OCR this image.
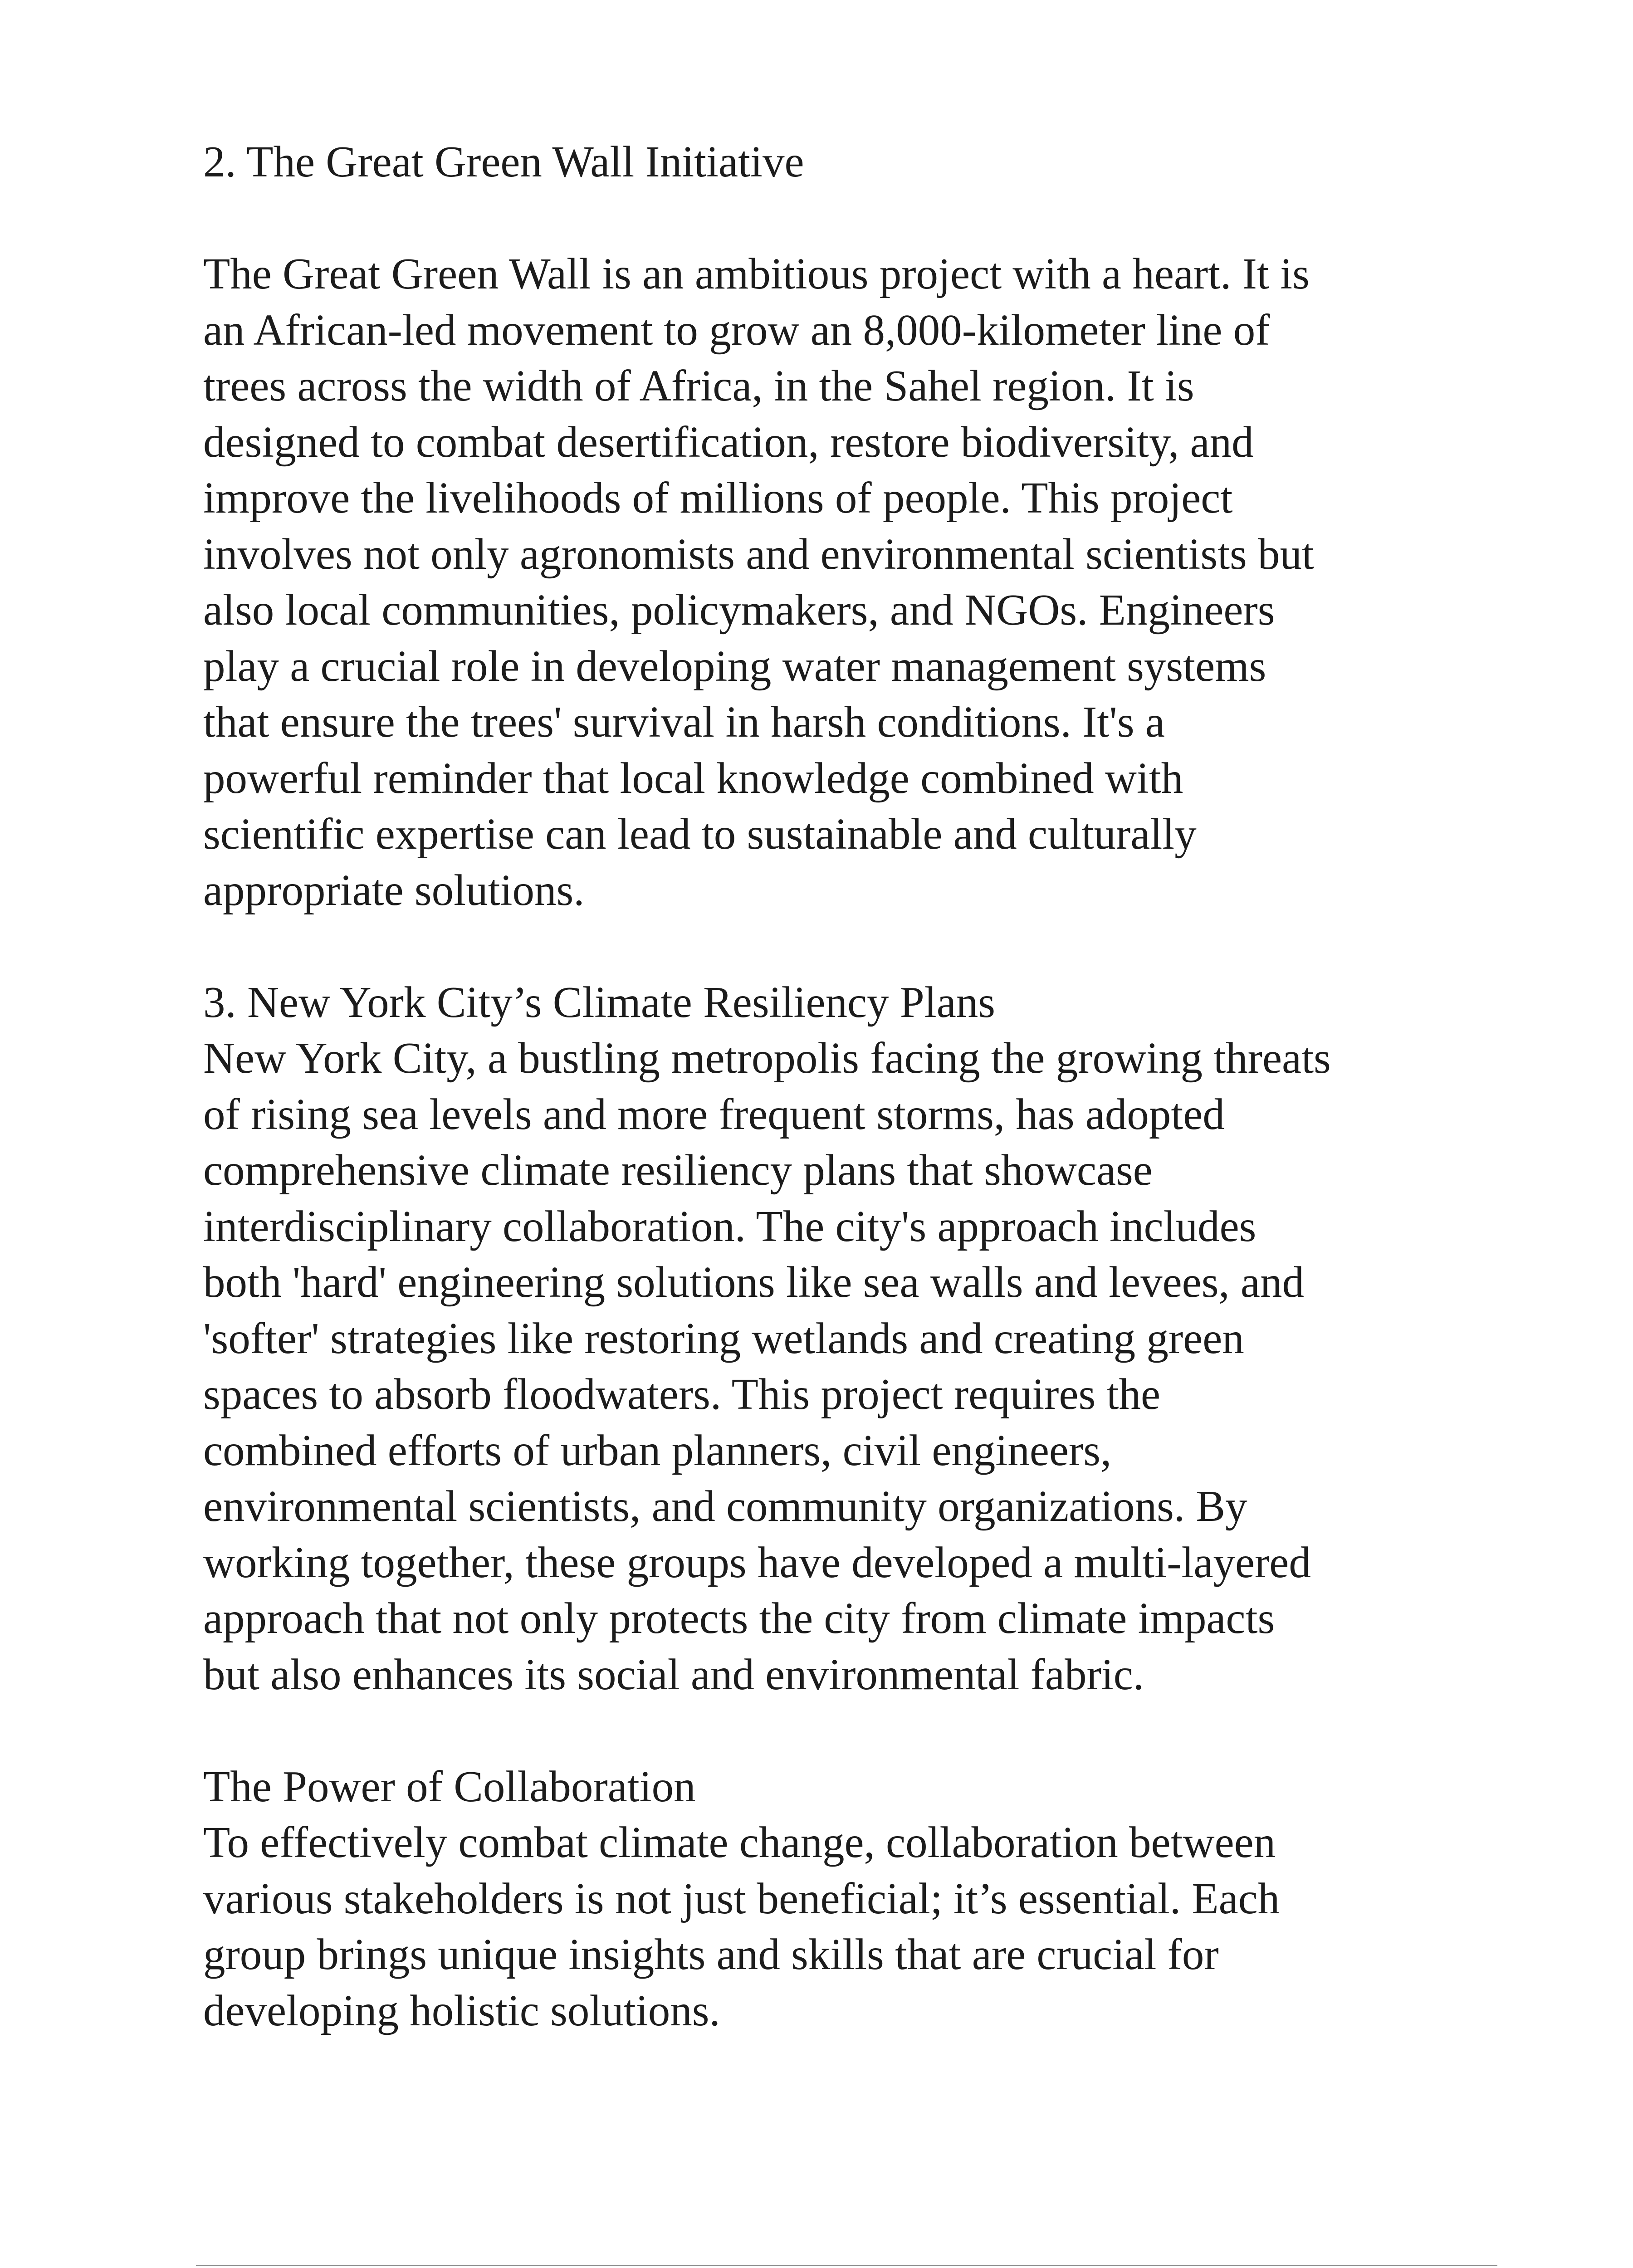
2. The Great Green Wall Initiative
The Great Green Wall is an ambitious project with a heart. It is
an African-led movement to grow an 8,000-kilometer line of
trees across the width of Africa, in the Sahel region. It is
designed to combat desertification, restore biodiversity, and
improve the livelihoods of millions of people. This project
involves not only agronomists and environmental scientists but
also local communities, policymakers, and NGOs. Engineers
play a crucial role in developing water management systems
that ensure the trees' survival in harsh conditions. It's a
powerful reminder that local knowledge combined with
scientific expertise can lead to sustainable and culturally
appropriate solutions.
3. New York City’s Climate Resiliency Plans
New York City, a bustling metropolis facing the growing threats
of rising sea levels and more frequent storms, has adopted
comprehensive climate resiliency plans that showcase
interdisciplinary collaboration. The city's approach includes
both 'hard' engineering solutions like sea walls and levees, and
'softer' strategies like restoring wetlands and creating green
spaces to absorb floodwaters. This project requires the
combined efforts of urban planners, civil engineers,
environmental scientists, and community organizations. By
working together, these groups have developed a multi-layered
approach that not only protects the city from climate impacts
but also enhances its social and environmental fabric.
The Power of Collaboration
To effectively combat climate change, collaboration between
various stakeholders is not just beneficial; it’s essential. Each
group brings unique insights and skills that are crucial for
developing holistic solutions.
